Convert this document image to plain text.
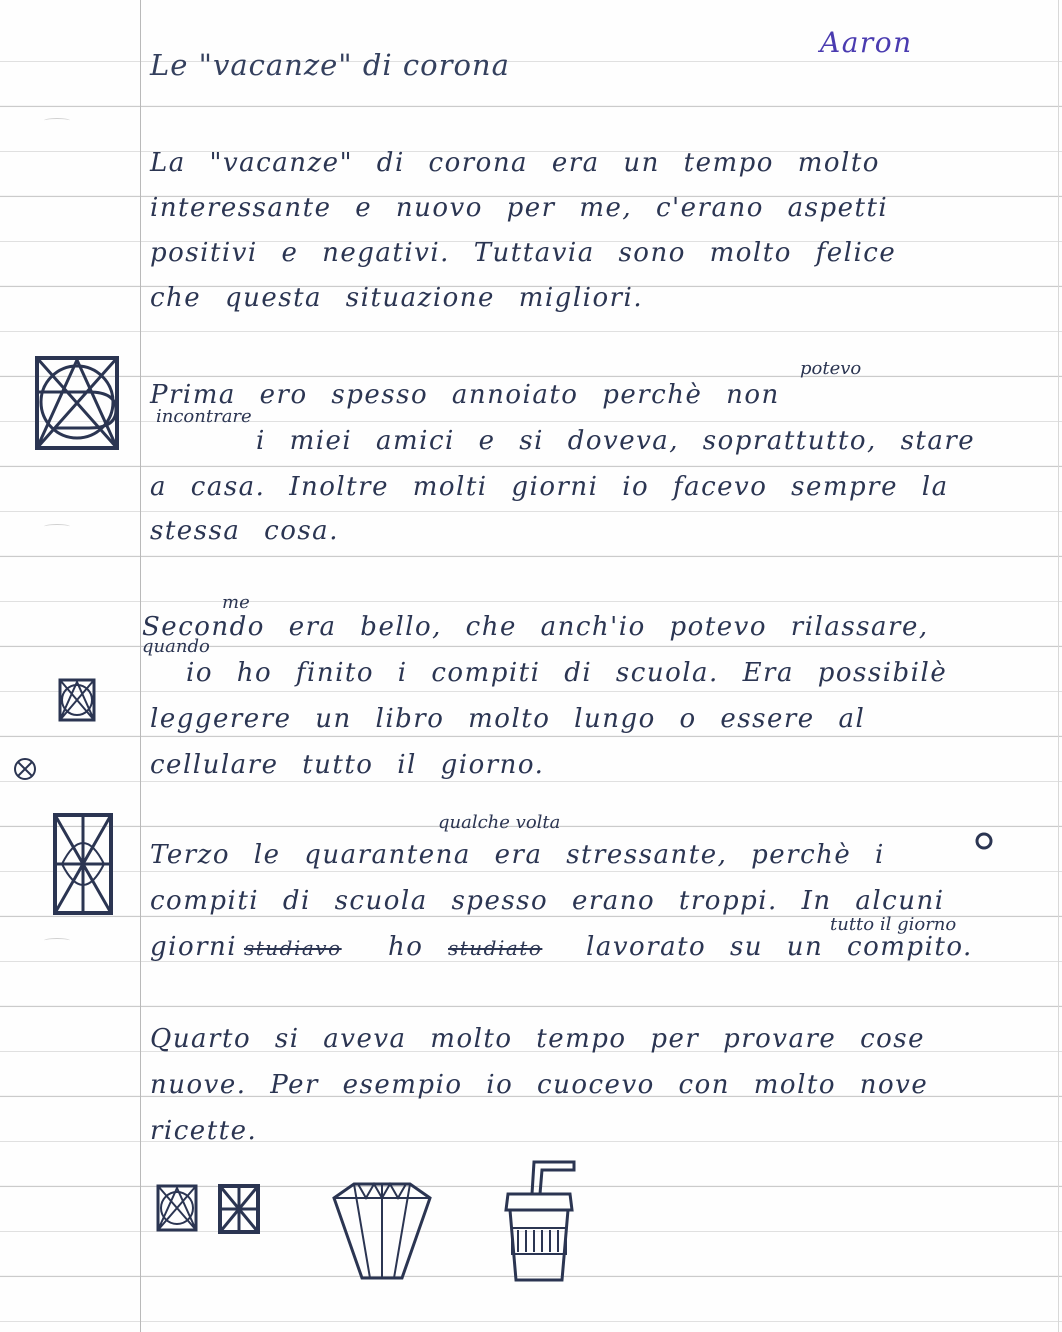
Aaron
Le "vacanze" di corona
La "vacanze" di corona era un tempo molto
interessante e nuovo per me, c'erano aspetti
positivi e negativi. Tuttavia sono molto felice
che questa situazione migliori.
potevo
incontrare
Prima ero spesso annoiato perchè non
i miei amici e si doveva, soprattutto, stare
a casa. Inoltre molti giorni io facevo sempre la
stessa cosa.
me
quando
Secondo era bello, che anch'io potevo rilassare,
io ho finito i compiti di scuola. Era possibilè
leggerere un libro molto lungo o essere al
cellulare tutto il giorno.
qualche volta
Terzo le quarantena era stressante, perchè i
compiti di scuola spesso erano troppi. In alcuni
tutto il giorno
giorni studiavo ho studiato lavorato su un compito.
Quarto si aveva molto tempo per provare cose
nuove. Per esempio io cuocevo con molto nove
ricette.
